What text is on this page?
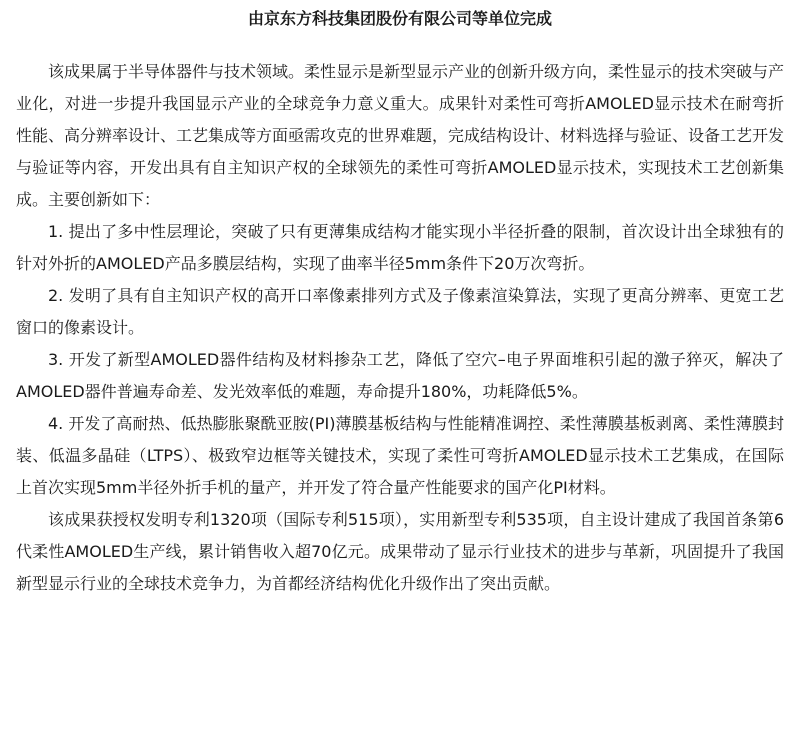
由京东方科技集团股份有限公司等单位完成

该成果属于半导体器件与技术领域。柔性显示是新型显示产业的创新升级方向，柔性显示的技术突破与产业化，对进一步提升我国显示产业的全球竞争力意义重大。成果针对柔性可弯折AMOLED显示技术在耐弯折性能、高分辨率设计、工艺集成等方面亟需攻克的世界难题，完成结构设计、材料选择与验证、设备工艺开发与验证等内容，开发出具有自主知识产权的全球领先的柔性可弯折AMOLED显示技术，实现技术工艺创新集成。主要创新如下：

1. 提出了多中性层理论，突破了只有更薄集成结构才能实现小半径折叠的限制，首次设计出全球独有的针对外折的AMOLED产品多膜层结构，实现了曲率半径5mm条件下20万次弯折。

2. 发明了具有自主知识产权的高开口率像素排列方式及子像素渲染算法，实现了更高分辨率、更宽工艺窗口的像素设计。

3. 开发了新型AMOLED器件结构及材料掺杂工艺，降低了空穴–电子界面堆积引起的激子猝灭，解决了AMOLED器件普遍寿命差、发光效率低的难题，寿命提升180%，功耗降低5%。

4. 开发了高耐热、低热膨胀聚酰亚胺(PI)薄膜基板结构与性能精准调控、柔性薄膜基板剥离、柔性薄膜封装、低温多晶硅（LTPS）、极致窄边框等关键技术，实现了柔性可弯折AMOLED显示技术工艺集成，在国际上首次实现5mm半径外折手机的量产，并开发了符合量产性能要求的国产化PI材料。

该成果获授权发明专利1320项（国际专利515项），实用新型专利535项，自主设计建成了我国首条第6代柔性AMOLED生产线，累计销售收入超70亿元。成果带动了显示行业技术的进步与革新，巩固提升了我国新型显示行业的全球技术竞争力，为首都经济结构优化升级作出了突出贡献。
